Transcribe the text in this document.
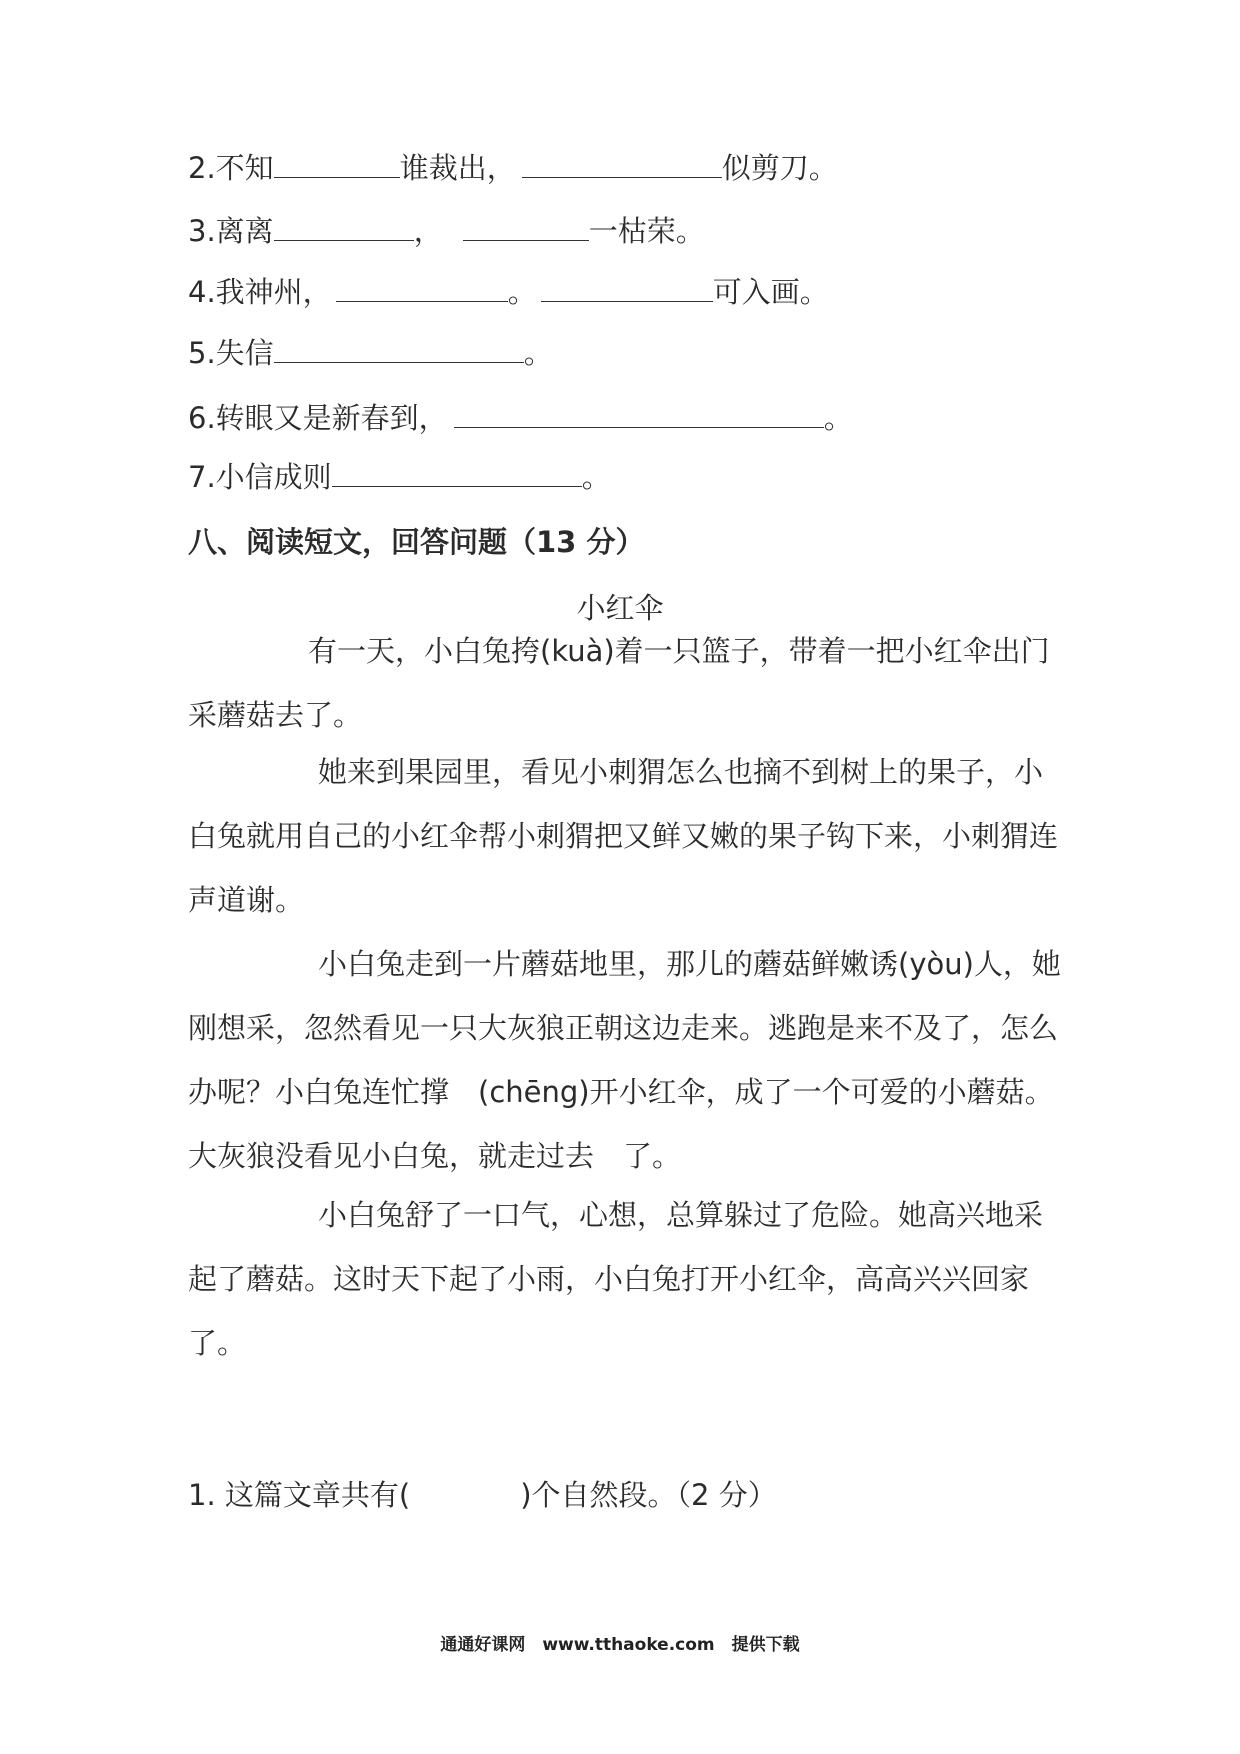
2.不知	谁裁出，	似剪刀。
3.离离	，	一枯荣。
4.我神州，	。	可入画。
5.失信	。
6.转眼又是新春到，	。
7.小信成则	。
八、阅读短文，回答问题（13 分）
小红伞
有一天，小白兔挎(kuà)着一只篮子，带着一把小红伞出门
采蘑菇去了。
她来到果园里，看见小刺猬怎么也摘不到树上的果子，小
白兔就用自己的小红伞帮小刺猬把又鲜又嫩的果子钩下来，小刺猬连
声道谢。
小白兔走到一片蘑菇地里，那儿的蘑菇鲜嫩诱(yòu)人，她
刚想采，忽然看见一只大灰狼正朝这边走来。逃跑是来不及了，怎么
办呢？小白兔连忙撑　(chēng)开小红伞，成了一个可爱的小蘑菇。
大灰狼没看见小白兔，就走过去　了。
小白兔舒了一口气，心想，总算躲过了危险。她高兴地采
起了蘑菇。这时天下起了小雨，小白兔打开小红伞，高高兴兴回家
了。
1. 这篇文章共有(	)个自然段。（2 分）
通通好课网　www.tthaoke.com　提供下载
